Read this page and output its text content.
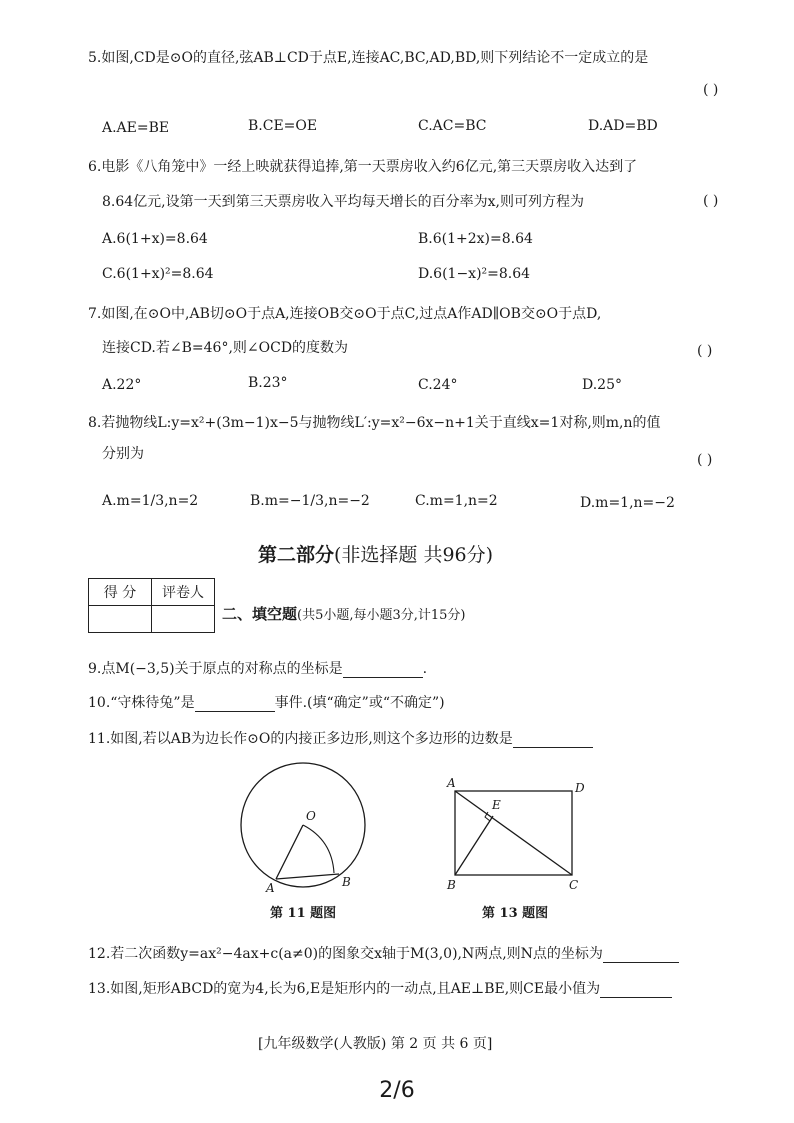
5.如图,CD是⊙O的直径,弦AB⊥CD于点E,连接AC,BC,AD,BD,则下列结论不一定成立的是
( )
A.AE=BE	B.CE=OE	C.AC=BC	D.AD=BD
6.电影《八角笼中》一经上映就获得追捧,第一天票房收入约6亿元,第三天票房收入达到了
8.64亿元,设第一天到第三天票房收入平均每天增长的百分率为x,则可列方程为	( )
A.6(1+x)=8.64	B.6(1+2x)=8.64
C.6(1+x)²=8.64	D.6(1−x)²=8.64
7.如图,在⊙O中,AB切⊙O于点A,连接OB交⊙O于点C,过点A作AD∥OB交⊙O于点D,
连接CD.若∠B=46°,则∠OCD的度数为	( )
A.22°	B.23°	C.24°	D.25°
8.若抛物线L:y=x²+(3m−1)x−5与抛物线L′:y=x²−6x−n+1关于直线x=1对称,则m,n的值
分别为	( )
A.m=1/3,n=2	B.m=−1/3,n=−2	C.m=1,n=2	D.m=1,n=−2
第二部分(非选择题 共96分)
得 分	评卷人

二、填空题(共5小题,每小题3分,计15分)
9.点M(−3,5)关于原点的对称点的坐标是	.
10.“守株待兔”是	事件.(填“确定”或“不确定”)
11.如图,若以AB为边长作⊙O的内接正多边形,则这个多边形的边数是
O
A	B
第 11 题图
A	D
E
B	C
第 13 题图
12.若二次函数y=ax²−4ax+c(a≠0)的图象交x轴于M(3,0),N两点,则N点的坐标为
13.如图,矩形ABCD的宽为4,长为6,E是矩形内的一动点,且AE⊥BE,则CE最小值为
[九年级数学(人教版) 第 2 页 共 6 页]
2/6
